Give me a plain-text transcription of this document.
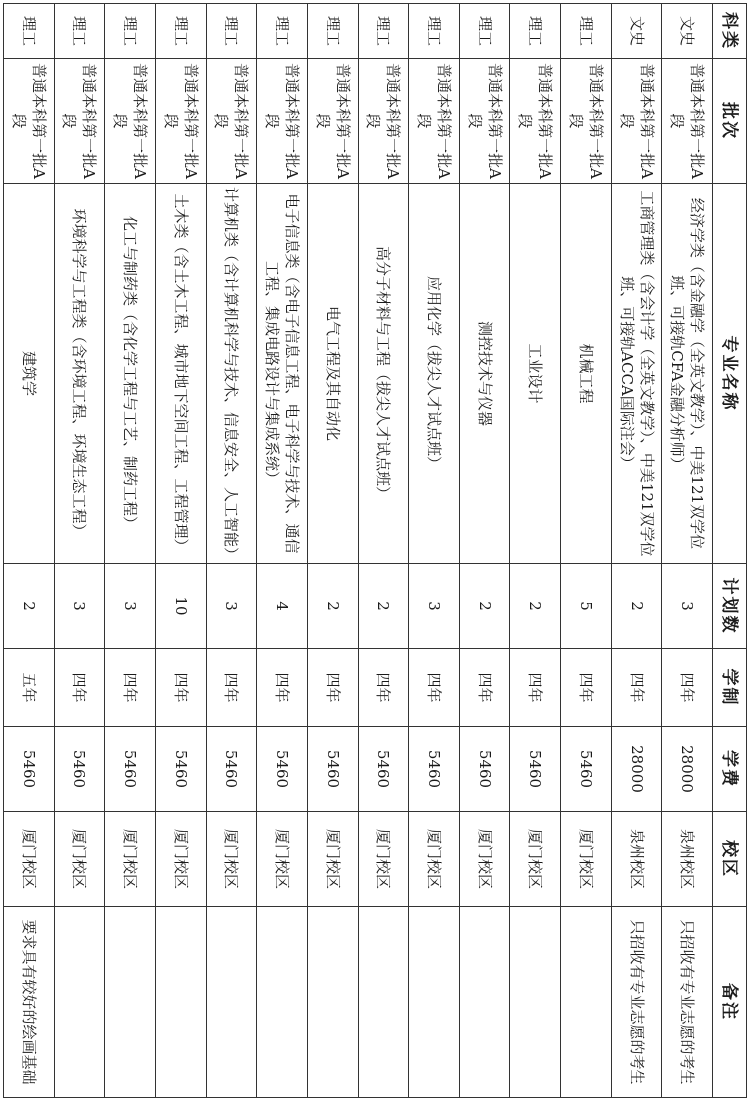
科类	批次	专业名称	计划数	学制	学费	校区	备注
文史	普通本科第一批A段	经济学类（含金融学（全英文教学）、中美121双学位班、可接轨CFA金融分析师）	3	四年	28000	泉州校区	只招收有专业志愿的考生
文史	普通本科第一批A段	工商管理类（含会计学（全英文教学）、中美121双学位班、可接轨ACCA国际注会）	2	四年	28000	泉州校区	只招收有专业志愿的考生
理工	普通本科第一批A段	机械工程	5	四年	5460	厦门校区	
理工	普通本科第一批A段	工业设计	2	四年	5460	厦门校区	
理工	普通本科第一批A段	测控技术与仪器	2	四年	5460	厦门校区	
理工	普通本科第一批A段	应用化学（拔尖人才试点班）	3	四年	5460	厦门校区	
理工	普通本科第一批A段	高分子材料与工程（拔尖人才试点班）	2	四年	5460	厦门校区	
理工	普通本科第一批A段	电气工程及其自动化	2	四年	5460	厦门校区	
理工	普通本科第一批A段	电子信息类（含电子信息工程、电子科学与技术、通信工程、集成电路设计与集成系统）	4	四年	5460	厦门校区	
理工	普通本科第一批A段	计算机类（含计算机科学与技术、信息安全、人工智能）	3	四年	5460	厦门校区	
理工	普通本科第一批A段	土木类（含土木工程、城市地下空间工程、工程管理）	10	四年	5460	厦门校区	
理工	普通本科第一批A段	化工与制药类（含化学工程与工艺、制药工程）	3	四年	5460	厦门校区	
理工	普通本科第一批A段	环境科学与工程类（含环境工程、环境生态工程）	3	四年	5460	厦门校区	
理工	普通本科第一批A段	建筑学	2	五年	5460	厦门校区	要求具有较好的绘画基础
